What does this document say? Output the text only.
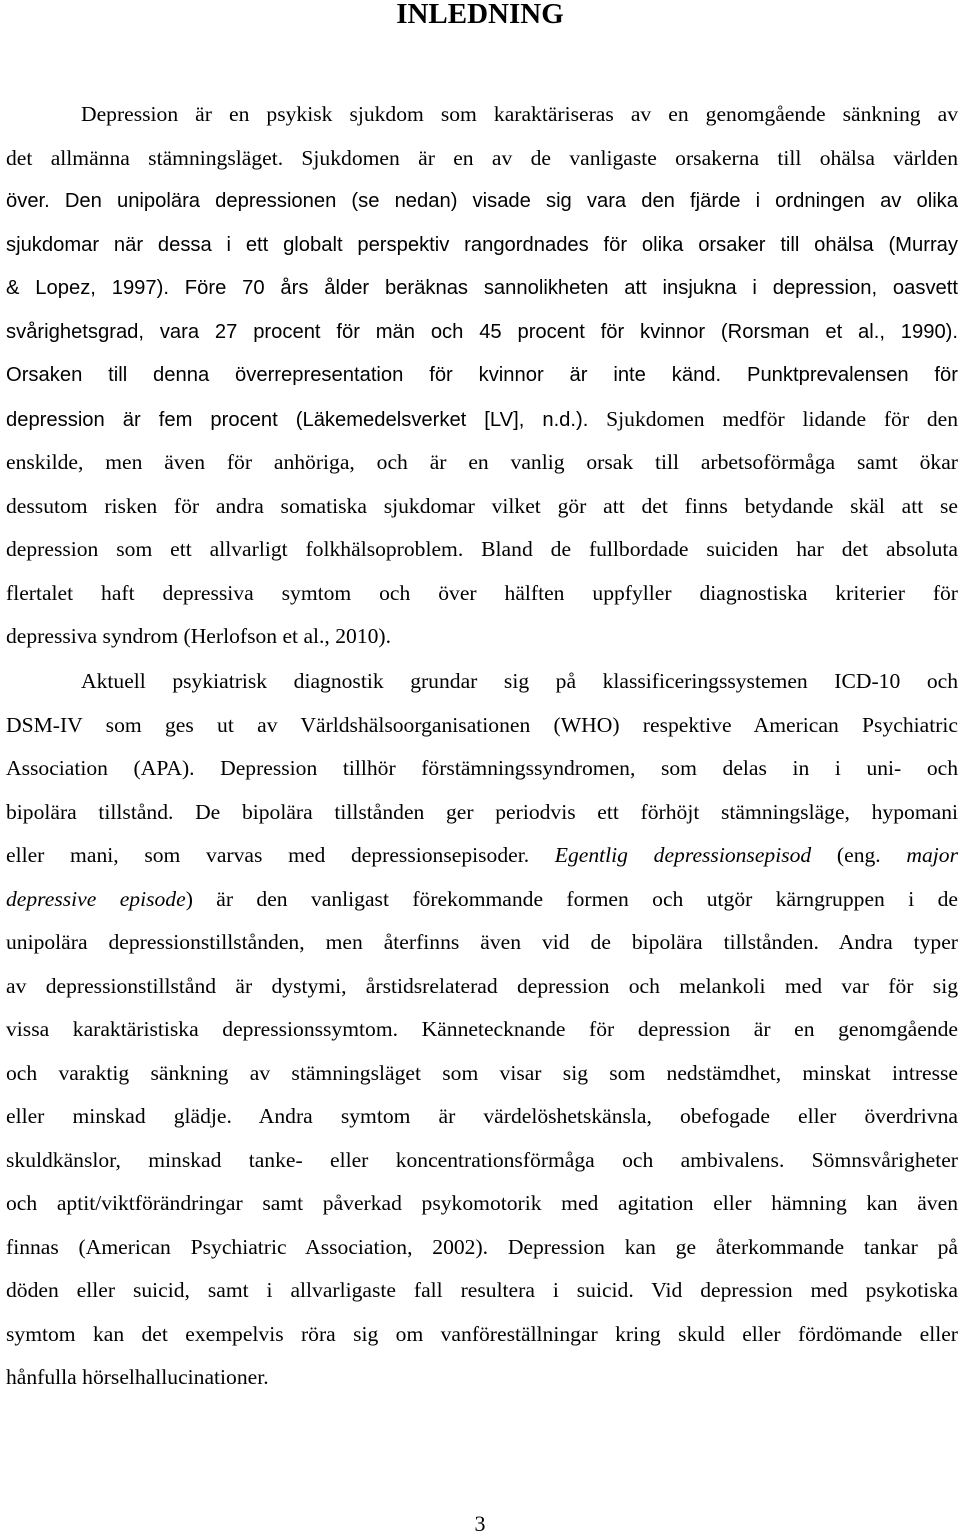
INLEDNING
Depression är en psykisk sjukdom som karaktäriseras av en genomgående sänkning av
det allmänna stämningsläget. Sjukdomen är en av de vanligaste orsakerna till ohälsa världen
över. Den unipolära depressionen (se nedan) visade sig vara den fjärde i ordningen av olika
sjukdomar när dessa i ett globalt perspektiv rangordnades för olika orsaker till ohälsa (Murray
& Lopez, 1997). Före 70 års ålder beräknas sannolikheten att insjukna i depression, oasvett
svårighetsgrad, vara 27 procent för män och 45 procent för kvinnor (Rorsman et al., 1990).
Orsaken till denna överrepresentation för kvinnor är inte känd. Punktprevalensen för
depression är fem procent (Läkemedelsverket [LV], n.d.). Sjukdomen medför lidande för den
enskilde, men även för anhöriga, och är en vanlig orsak till arbetsoförmåga samt ökar
dessutom risken för andra somatiska sjukdomar vilket gör att det finns betydande skäl att se
depression som ett allvarligt folkhälsoproblem. Bland de fullbordade suiciden har det absoluta
flertalet haft depressiva symtom och över hälften uppfyller diagnostiska kriterier för
depressiva syndrom (Herlofson et al., 2010).
Aktuell psykiatrisk diagnostik grundar sig på klassificeringssystemen ICD-10 och
DSM-IV som ges ut av Världshälsoorganisationen (WHO) respektive American Psychiatric
Association (APA). Depression tillhör förstämningssyndromen, som delas in i uni- och
bipolära tillstånd. De bipolära tillstånden ger periodvis ett förhöjt stämningsläge, hypomani
eller mani, som varvas med depressionsepisoder. Egentlig depressionsepisod (eng. major
depressive episode) är den vanligast förekommande formen och utgör kärngruppen i de
unipolära depressionstillstånden, men återfinns även vid de bipolära tillstånden. Andra typer
av depressionstillstånd är dystymi, årstidsrelaterad depression och melankoli med var för sig
vissa karaktäristiska depressionssymtom. Kännetecknande för depression är en genomgående
och varaktig sänkning av stämningsläget som visar sig som nedstämdhet, minskat intresse
eller minskad glädje. Andra symtom är värdelöshetskänsla, obefogade eller överdrivna
skuldkänslor, minskad tanke- eller koncentrationsförmåga och ambivalens. Sömnsvårigheter
och aptit/viktförändringar samt påverkad psykomotorik med agitation eller hämning kan även
finnas (American Psychiatric Association, 2002). Depression kan ge återkommande tankar på
döden eller suicid, samt i allvarligaste fall resultera i suicid. Vid depression med psykotiska
symtom kan det exempelvis röra sig om vanföreställningar kring skuld eller fördömande eller
hånfulla hörselhallucinationer.
3
